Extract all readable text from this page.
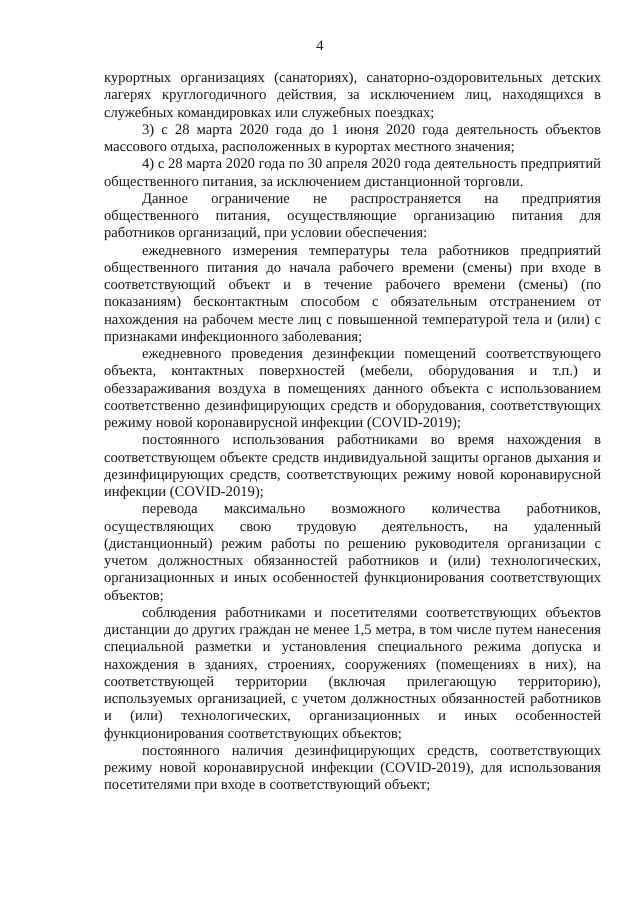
4

курортных организациях (санаториях), санаторно-оздоровительных детских лагерях круглогодичного действия, за исключением лиц, находящихся в служебных командировках или служебных поездках;

3) с 28 марта 2020 года до 1 июня 2020 года деятельность объектов массового отдыха, расположенных в курортах местного значения;

4) с 28 марта 2020 года по 30 апреля 2020 года деятельность предприятий общественного питания, за исключением дистанционной торговли.

Данное ограничение не распространяется на предприятия общественного питания, осуществляющие организацию питания для работников организаций, при условии обеспечения:

ежедневного измерения температуры тела работников предприятий общественного питания до начала рабочего времени (смены) при входе в соответствующий объект и в течение рабочего времени (смены) (по показаниям) бесконтактным способом с обязательным отстранением от нахождения на рабочем месте лиц с повышенной температурой тела и (или) с признаками инфекционного заболевания;

ежедневного проведения дезинфекции помещений соответствующего объекта, контактных поверхностей (мебели, оборудования и т.п.) и обеззараживания воздуха в помещениях данного объекта с использованием соответственно дезинфицирующих средств и оборудования, соответствующих режиму новой коронавирусной инфекции (COVID-2019);

постоянного использования работниками во время нахождения в соответствующем объекте средств индивидуальной защиты органов дыхания и дезинфицирующих средств, соответствующих режиму новой коронавирусной инфекции (COVID-2019);

перевода максимально возможного количества работников, осуществляющих свою трудовую деятельность, на удаленный (дистанционный) режим работы по решению руководителя организации с учетом должностных обязанностей работников и (или) технологических, организационных и иных особенностей функционирования соответствующих объектов;

соблюдения работниками и посетителями соответствующих объектов дистанции до других граждан не менее 1,5 метра, в том числе путем нанесения специальной разметки и установления специального режима допуска и нахождения в зданиях, строениях, сооружениях (помещениях в них), на соответствующей территории (включая прилегающую территорию), используемых организацией, с учетом должностных обязанностей работников и (или) технологических, организационных и иных особенностей функционирования соответствующих объектов;

постоянного наличия дезинфицирующих средств, соответствующих режиму новой коронавирусной инфекции (COVID-2019), для использования посетителями при входе в соответствующий объект;
